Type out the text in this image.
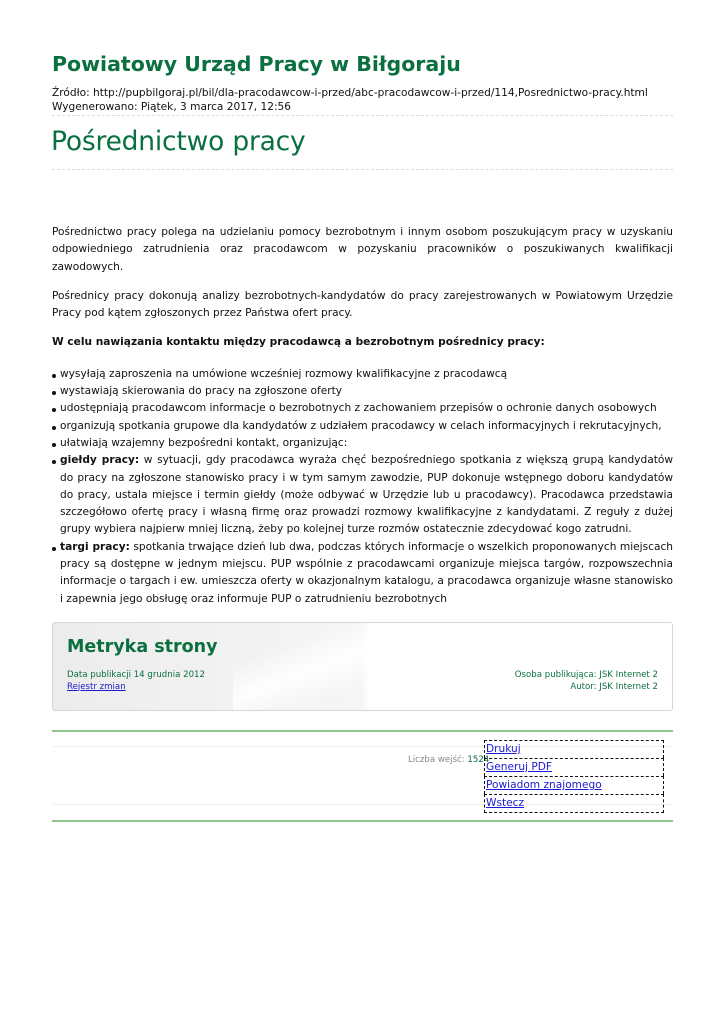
Powiatowy Urząd Pracy w Biłgoraju
Źródło: http://pupbilgoraj.pl/bil/dla-pracodawcow-i-przed/abc-pracodawcow-i-przed/114,Posrednictwo-pracy.html
Wygenerowano: Piątek, 3 marca 2017, 12:56
Pośrednictwo pracy

Pośrednictwo pracy polega na udzielaniu pomocy bezrobotnym i innym osobom poszukującym pracy w uzyskaniu odpowiedniego zatrudnienia oraz pracodawcom w pozyskaniu pracowników o poszukiwanych kwalifikacji zawodowych.

Pośrednicy pracy dokonują analizy bezrobotnych-kandydatów do pracy zarejestrowanych w Powiatowym Urzędzie Pracy pod kątem zgłoszonych przez Państwa ofert pracy.

W celu nawiązania kontaktu między pracodawcą a bezrobotnym pośrednicy pracy:

wysyłają zaproszenia na umówione wcześniej rozmowy kwalifikacyjne z pracodawcą
wystawiają skierowania do pracy na zgłoszone oferty
udostępniają pracodawcom informacje o bezrobotnych z zachowaniem przepisów o ochronie danych osobowych
organizują spotkania grupowe dla kandydatów z udziałem pracodawcy w celach informacyjnych i rekrutacyjnych,
ułatwiają wzajemny bezpośredni kontakt, organizując:
giełdy pracy: w sytuacji, gdy pracodawca wyraża chęć bezpośredniego spotkania z większą grupą kandydatów do pracy na zgłoszone stanowisko pracy i w tym samym zawodzie, PUP dokonuje wstępnego doboru kandydatów do pracy, ustala miejsce i termin giełdy (może odbywać w Urzędzie lub u pracodawcy). Pracodawca przedstawia szczegółowo ofertę pracy i własną firmę oraz prowadzi rozmowy kwalifikacyjne z kandydatami. Z reguły z dużej grupy wybiera najpierw mniej liczną, żeby po kolejnej turze rozmów ostatecznie zdecydować kogo zatrudni.
targi pracy: spotkania trwające dzień lub dwa, podczas których informacje o wszelkich proponowanych miejscach pracy są dostępne w jednym miejscu. PUP wspólnie z pracodawcami organizuje miejsca targów, rozpowszechnia informacje o targach i ew. umieszcza oferty w okazjonalnym katalogu, a pracodawca organizuje własne stanowisko i zapewnia jego obsługę oraz informuje PUP o zatrudnieniu bezrobotnych
Metryka strony
Data publikacji 14 grudnia 2012
Rejestr zmian
Osoba publikująca: JSK Internet 2
Autor: JSK Internet 2
Liczba wejść: 1524
Drukuj
Generuj PDF
Powiadom znajomego
Wstecz
